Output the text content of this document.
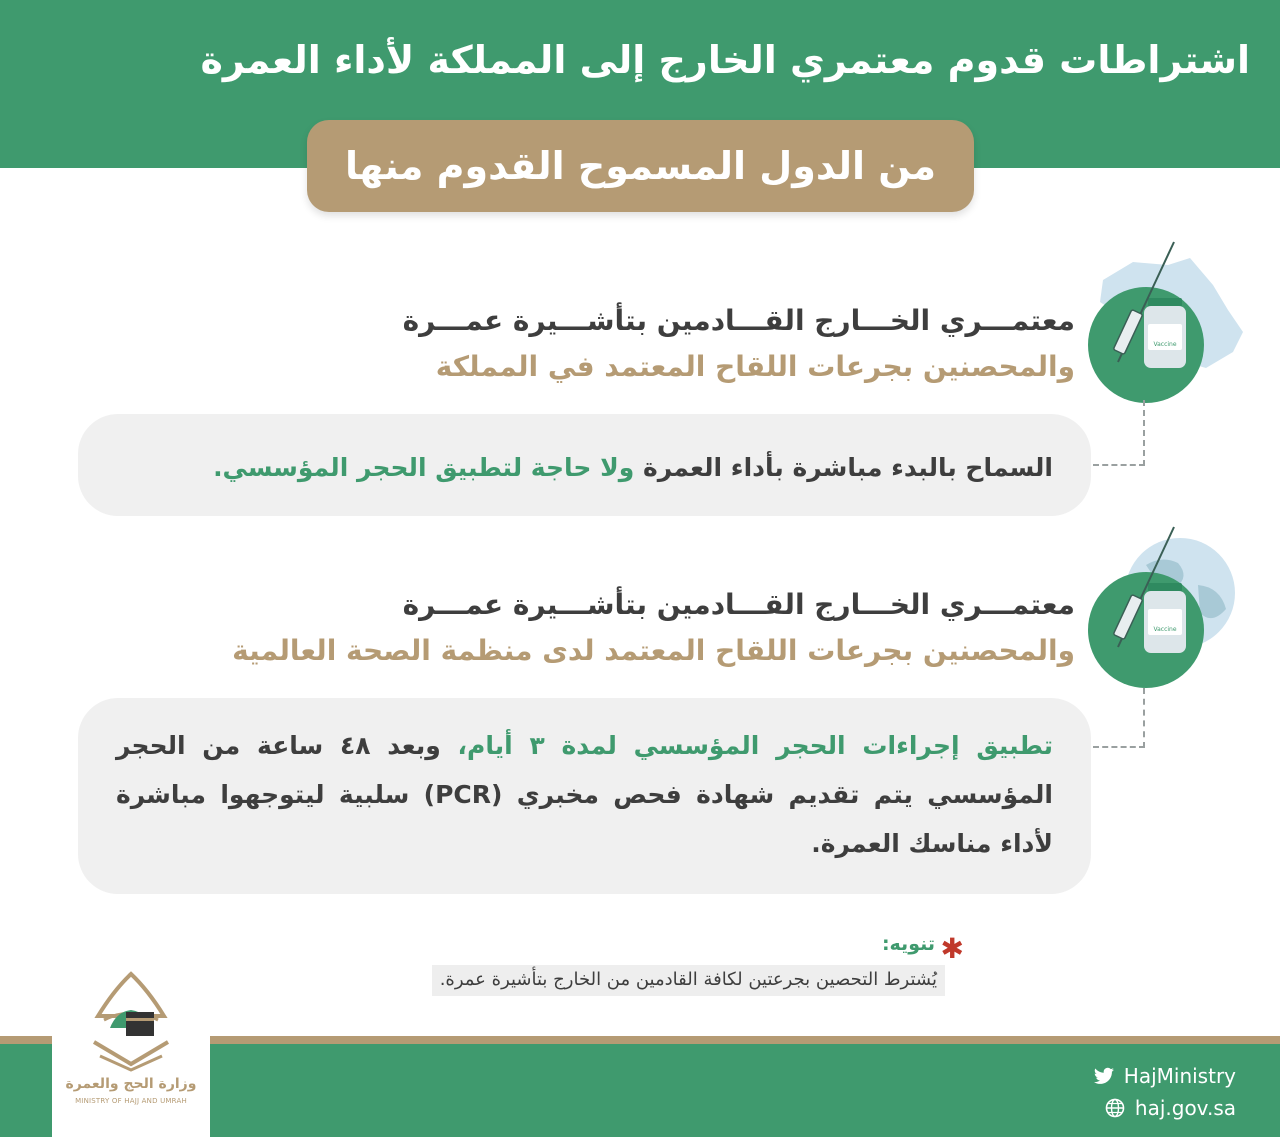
اشتراطات قدوم معتمري الخارج إلى المملكة لأداء العمرة
من الدول المسموح القدوم منها
معتمـــري الخـــارج القـــادمين بتأشـــيرة عمـــرة
والمحصنين بجرعات اللقاح المعتمد في المملكة
Vaccine

السماح بالبدء مباشرة بأداء العمرة ولا حاجة لتطبيق الحجر المؤسسي.

معتمـــري الخـــارج القـــادمين بتأشـــيرة عمـــرة
والمحصنين بجرعات اللقاح المعتمد لدى منظمة الصحة العالمية
Vaccine

تطبيق إجراءات الحجر المؤسسي لمدة ٣ أيام، وبعد ٤٨ ساعة من الحجر المؤسسي يتم تقديم شهادة فحص مخبري (PCR) سلبية ليتوجهوا مباشرة لأداء مناسك العمرة.

✱
تنويه:
يُشترط التحصين بجرعتين لكافة القادمين من الخارج بتأشيرة عمرة.
وزارة الحج والعمرة
MINISTRY OF HAJJ AND UMRAH
HajMinistry
haj.gov.sa
